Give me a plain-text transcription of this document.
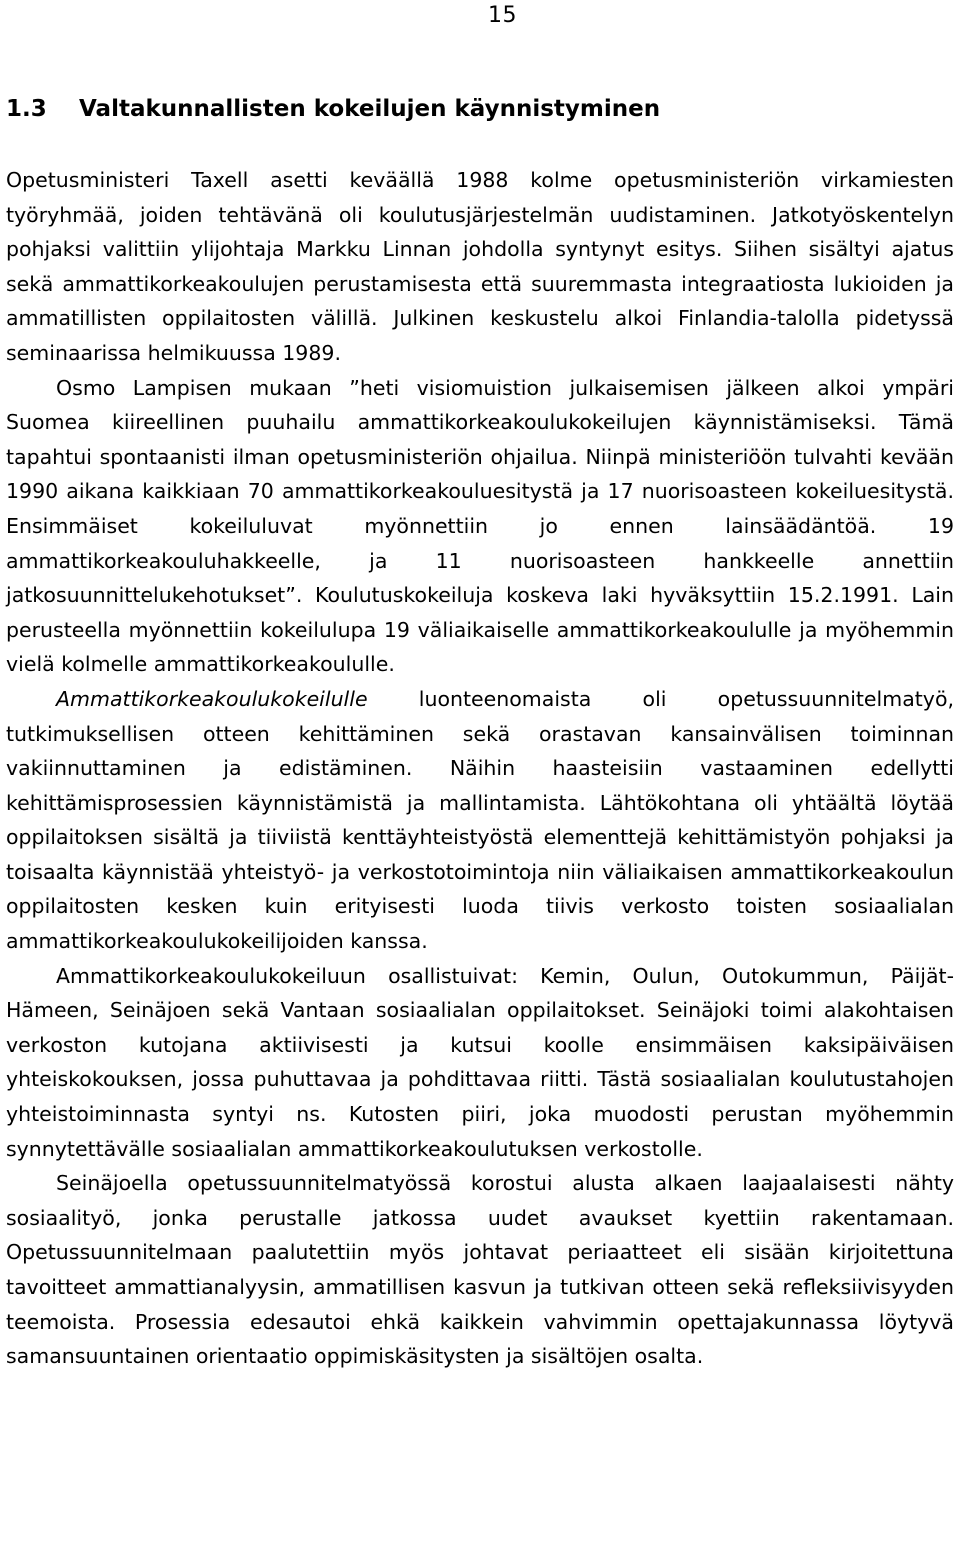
15
1.3 Valtakunnallisten kokeilujen käynnistyminen

Opetusministeri Taxell asetti keväällä 1988 kolme opetusministeriön virkamiesten työryhmää, joiden tehtävänä oli koulutusjärjestelmän uudistaminen. Jatkotyöskentelyn pohjaksi valittiin ylijohtaja Markku Linnan johdolla syntynyt esitys. Siihen sisältyi ajatus sekä ammattikorkeakoulujen perustamisesta että suuremmasta integraatiosta lukioiden ja ammatillisten oppilaitosten välillä. Julkinen keskustelu alkoi Finlandia-talolla pidetyssä seminaarissa helmikuussa 1989.

Osmo Lampisen mukaan ”heti visiomuistion julkaisemisen jälkeen alkoi ympäri Suomea kiireellinen puuhailu ammattikorkeakoulukokeilujen käynnistämiseksi. Tämä tapahtui spontaanisti ilman opetusministeriön ohjailua. Niinpä ministeriöön tulvahti kevään 1990 aikana kaikkiaan 70 ammattikorkeakouluesitystä ja 17 nuorisoasteen kokeiluesitystä. Ensimmäiset kokeiluluvat myönnettiin jo ennen lainsäädäntöä. 19 ammattikorkeakouluhakkeelle, ja 11 nuorisoasteen hankkeelle annettiin jatkosuunnittelukehotukset”. Koulutuskokeiluja koskeva laki hyväksyttiin 15.2.1991. Lain perusteella myönnettiin kokeilulupa 19 väliaikaiselle ammattikorkeakoululle ja myöhemmin vielä kolmelle ammattikorkeakoululle.

Ammattikorkeakoulukokeilulle luonteenomaista oli opetussuunnitelmatyö, tutkimuksellisen otteen kehittäminen sekä orastavan kansainvälisen toiminnan vakiinnuttaminen ja edistäminen. Näihin haasteisiin vastaaminen edellytti kehittämisprosessien käynnistämistä ja mallintamista. Lähtökohtana oli yhtäältä löytää oppilaitoksen sisältä ja tiiviistä kenttäyhteistyöstä elementtejä kehittämistyön pohjaksi ja toisaalta käynnistää yhteistyö- ja verkostotoimintoja niin väliaikaisen ammattikorkeakoulun oppilaitosten kesken kuin erityisesti luoda tiivis verkosto toisten sosiaalialan ammattikorkeakoulukokeilijoiden kanssa.

Ammattikorkeakoulukokeiluun osallistuivat: Kemin, Oulun, Outokummun, Päijät-Hämeen, Seinäjoen sekä Vantaan sosiaalialan oppilaitokset. Seinäjoki toimi alakohtaisen verkoston kutojana aktiivisesti ja kutsui koolle ensimmäisen kaksipäiväisen yhteiskokouksen, jossa puhuttavaa ja pohdittavaa riitti. Tästä sosiaalialan koulutustahojen yhteistoiminnasta syntyi ns. Kutosten piiri, joka muodosti perustan myöhemmin synnytettävälle sosiaalialan ammattikorkeakoulutuksen verkostolle.

Seinäjoella opetussuunnitelmatyössä korostui alusta alkaen laajaalaisesti nähty sosiaalityö, jonka perustalle jatkossa uudet avaukset kyettiin rakentamaan. Opetussuunnitelmaan paalutettiin myös johtavat periaatteet eli sisään kirjoitettuna tavoitteet ammattianalyysin, ammatillisen kasvun ja tutkivan otteen sekä refleksiivisyyden teemoista. Prosessia edesautoi ehkä kaikkein vahvimmin opettajakunnassa löytyvä samansuuntainen orientaatio oppimiskäsitysten ja sisältöjen osalta.
